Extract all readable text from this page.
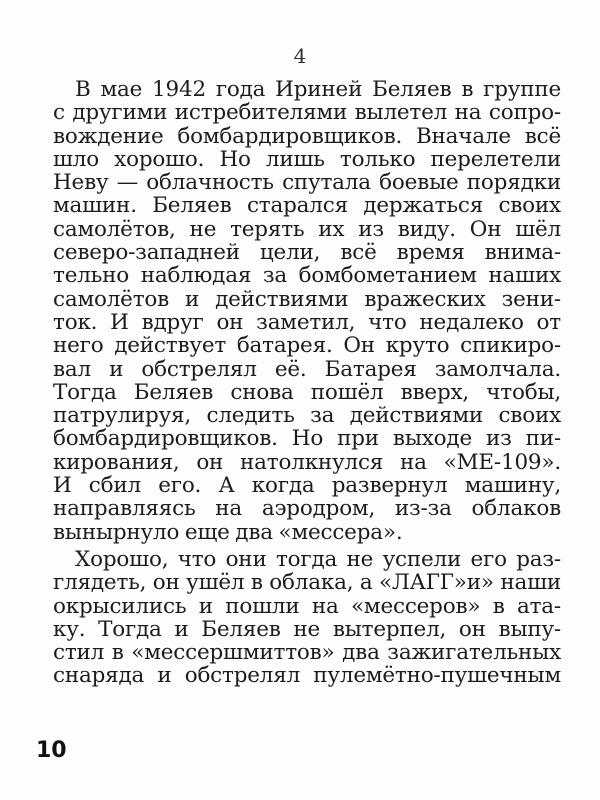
4
В мае 1942 года Ириней Беляев в группе
с другими истребителями вылетел на сопро-
вождение бомбардировщиков. Вначале всё
шло хорошо. Но лишь только перелетели
Неву — облачность спутала боевые порядки
машин. Беляев старался держаться своих
самолётов, не терять их из виду. Он шёл
северо-западней цели, всё время внима-
тельно наблюдая за бомбометанием наших
самолётов и действиями вражеских зени-
ток. И вдруг он заметил, что недалеко от
него действует батарея. Он круто спикиро-
вал и обстрелял её. Батарея замолчала.
Тогда Беляев снова пошёл вверх, чтобы,
патрулируя, следить за действиями своих
бомбардировщиков. Но при выходе из пи-
кирования, он натолкнулся на «МЕ-109».
И сбил его. А когда развернул машину,
направляясь на аэродром, из-за облаков
вынырнуло еще два «мессера».
Хорошо, что они тогда не успели его раз-
глядеть, он ушёл в облака, а «ЛАГГ»и» наши
окрысились и пошли на «мессеров» в ата-
ку. Тогда и Беляев не вытерпел, он выпу-
стил в «мессершмиттов» два зажигательных
снаряда и обстрелял пулемётно-пушечным
10
